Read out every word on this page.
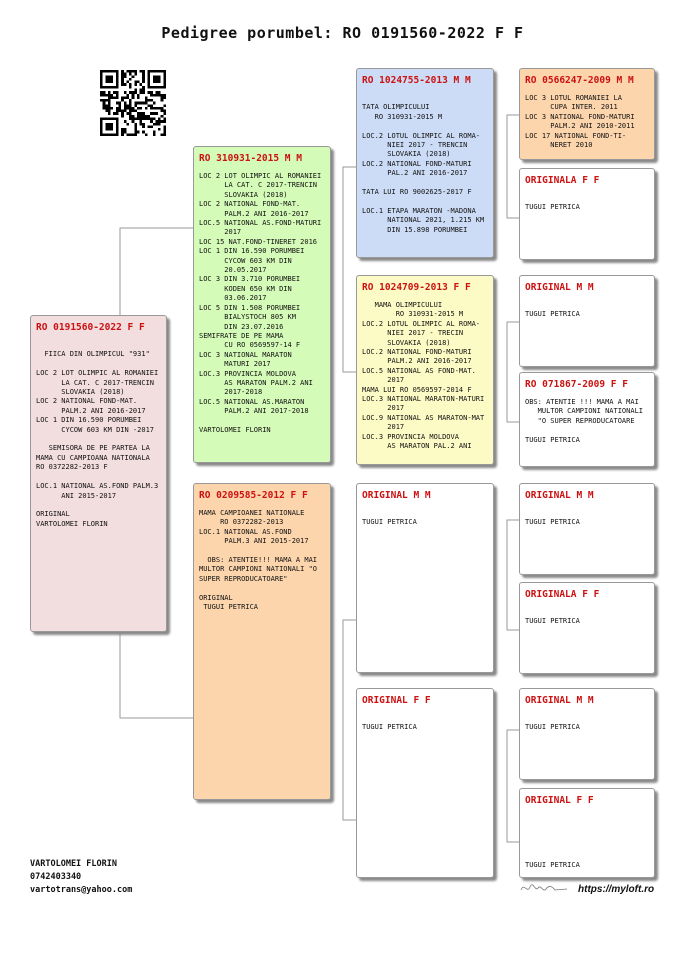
Pedigree porumbel: RO 0191560-2022 F F
RO 0191560-2022 F F

FIICA DIN OLIMPICUL "931"

LOC 2 LOT OLIMPIC AL ROMANIEI
LA CAT. C 2017-TRENCIN
SLOVAKIA (2018)
LOC 2 NATIONAL FOND-MAT.
PALM.2 ANI 2016-2017
LOC 1 DIN 16.590 PORUMBEI
CYCOW 603 KM DIN -2017

SEMISORA DE PE PARTEA LA
MAMA CU CAMPIOANA NATIONALA
RO 0372282-2013 F

LOC.1 NATIONAL AS.FOND PALM.3
ANI 2015-2017

ORIGINAL
VARTOLOMEI FLORIN
RO 310931-2015 M M
LOC 2 LOT OLIMPIC AL ROMANIEI
LA CAT. C 2017-TRENCIN
SLOVAKIA (2018)
LOC 2 NATIONAL FOND-MAT.
PALM.2 ANI 2016-2017
LOC.5 NATIONAL AS.FOND-MATURI
2017
LOC 15 NAT.FOND-TINERET 2016
LOC 1 DIN 16.590 PORUMBEI
CYCOW 603 KM DIN
20.05.2017
LOC 3 DIN 3.710 PORUMBEI
KODEN 650 KM DIN
03.06.2017
LOC 5 DIN 1.508 PORUMBEI
BIALYSTOCH 805 KM
DIN 23.07.2016
SEMIFRATE DE PE MAMA
CU RO 0569597-14 F
LOC 3 NATIONAL MARATON
MATURI 2017
LOC.3 PROVINCIA MOLDOVA
AS MARATON PALM.2 ANI
2017-2018
LOC.5 NATIONAL AS.MARATON
PALM.2 ANI 2017-2018

VARTOLOMEI FLORIN
RO 0209585-2012 F F
MAMA CAMPIOANEI NATIONALE
RO 0372282-2013
LOC.1 NATIONAL AS.FOND
PALM.3 ANI 2015-2017

OBS: ATENTIE!!! MAMA A MAI
MULTOR CAMPIONI NATIONALI "O
SUPER REPRODUCATOARE"

ORIGINAL
TUGUI PETRICA
RO 1024755-2013 M M

TATA OLIMPICULUI
RO 310931-2015 M

LOC.2 LOTUL OLIMPIC AL ROMA-
NIEI 2017 - TRENCIN
SLOVAKIA (2018)
LOC.2 NATIONAL FOND-MATURI
PAL.2 ANI 2016-2017

TATA LUI RO 9002625-2017 F

LOC.1 ETAPA MARATON -MADONA
NATIONAL 2021, 1.215 KM
DIN 15.898 PORUMBEI
RO 1024709-2013 F F
MAMA OLIMPICULUI
RO 310931-2015 M
LOC.2 LOTUL OLIMPIC AL ROMA-
NIEI 2017 - TRECIN
SLOVAKIA (2018)
LOC.2 NATIONAL FOND-MATURI
PALM.2 ANI 2016-2017
LOC.5 NATIONAL AS FOND-MAT.
2017
MAMA LUI RO 0569597-2014 F
LOC.3 NATIONAL MARATON-MATURI
2017
LOC.9 NATIONAL AS MARATON-MAT
2017
LOC.3 PROVINCIA MOLDOVA
AS MARATON PAL.2 ANI
ORIGINAL M M

TUGUI PETRICA
ORIGINAL F F

TUGUI PETRICA
RO 0566247-2009 M M
LOC 3 LOTUL ROMANIEI LA
CUPA INTER. 2011
LOC 3 NATIONAL FOND-MATURI
PALM.2 ANI 2010-2011
LOC 17 NATIONAL FOND-TI-
NERET 2010
ORIGINALA F F

TUGUI PETRICA
ORIGINAL M M

TUGUI PETRICA
RO 071867-2009 F F
OBS: ATENTIE !!! MAMA A MAI
MULTOR CAMPIONI NATIONALI
"O SUPER REPRODUCATOARE

TUGUI PETRICA
ORIGINAL M M

TUGUI PETRICA
ORIGINALA F F

TUGUI PETRICA
ORIGINAL M M

TUGUI PETRICA
ORIGINAL F F

TUGUI PETRICA
VARTOLOMEI FLORIN
0742403340
vartotrans@yahoo.com	https://myloft.ro
